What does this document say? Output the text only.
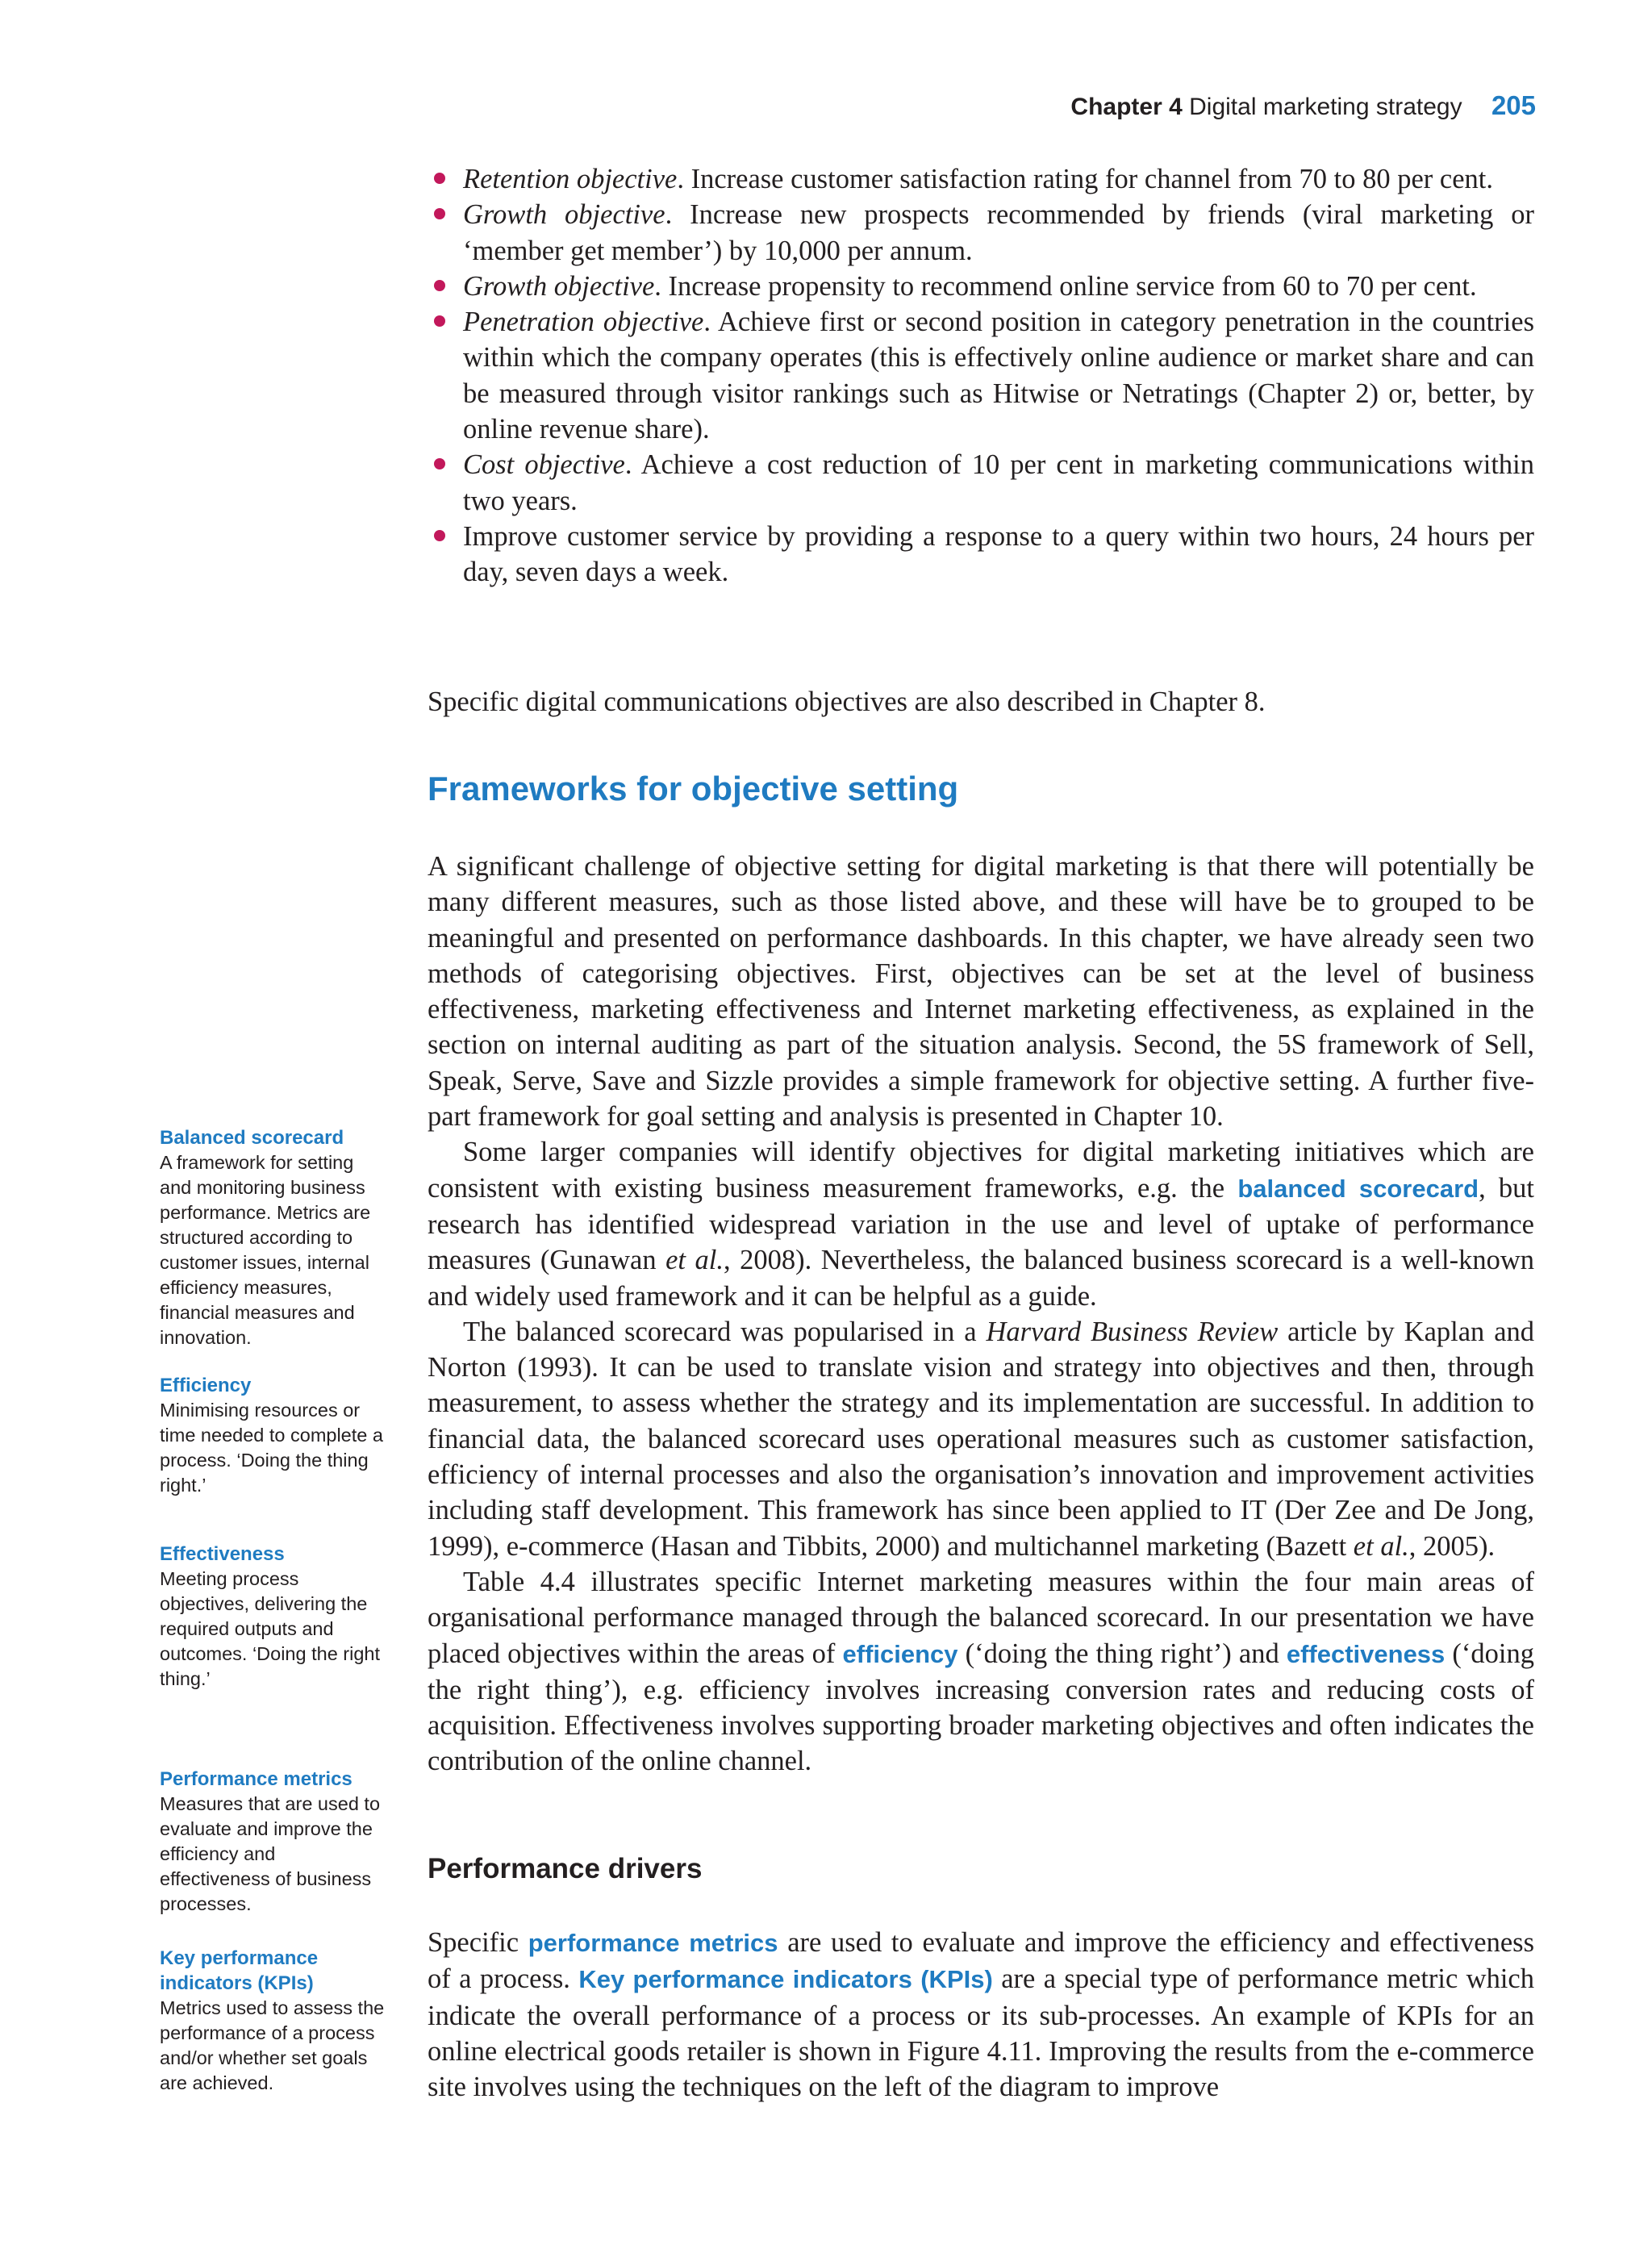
Chapter 4 Digital marketing strategy 205
Retention objective. Increase customer satisfaction rating for channel from 70 to 80 per cent.
Growth objective. Increase new prospects recommended by friends (viral marketing or ‘member get member’) by 10,000 per annum.
Growth objective. Increase propensity to recommend online service from 60 to 70 per cent.
Penetration objective. Achieve first or second position in category penetration in the countries within which the company operates (this is effectively online audience or market share and can be measured through visitor rankings such as Hitwise or Netratings (Chapter 2) or, better, by online revenue share).
Cost objective. Achieve a cost reduction of 10 per cent in marketing communications within two years.
Improve customer service by providing a response to a query within two hours, 24 hours per day, seven days a week.

Specific digital communications objectives are also described in Chapter 8.

Frameworks for objective setting

A significant challenge of objective setting for digital marketing is that there will potentially be many different measures, such as those listed above, and these will have be to grouped to be meaningful and presented on performance dashboards. In this chapter, we have already seen two methods of categorising objectives. First, objectives can be set at the level of business effectiveness, marketing effectiveness and Internet marketing effectiveness, as explained in the section on internal auditing as part of the situation analysis. Second, the 5S framework of Sell, Speak, Serve, Save and Sizzle provides a simple framework for objective setting. A further five-part framework for goal setting and analysis is presented in Chapter 10.

Some larger companies will identify objectives for digital marketing initiatives which are consistent with existing business measurement frameworks, e.g. the balanced scorecard, but research has identified widespread variation in the use and level of uptake of performance measures (Gunawan et al., 2008). Nevertheless, the balanced business scorecard is a well-known and widely used framework and it can be helpful as a guide.

The balanced scorecard was popularised in a Harvard Business Review article by Kaplan and Norton (1993). It can be used to translate vision and strategy into objectives and then, through measurement, to assess whether the strategy and its implementation are successful. In addition to financial data, the balanced scorecard uses operational measures such as customer satisfaction, efficiency of internal processes and also the organisation’s innovation and improvement activities including staff development. This framework has since been applied to IT (Der Zee and De Jong, 1999), e-commerce (Hasan and Tibbits, 2000) and multichannel marketing (Bazett et al., 2005).

Table 4.4 illustrates specific Internet marketing measures within the four main areas of organisational performance managed through the balanced scorecard. In our presentation we have placed objectives within the areas of efficiency (‘doing the thing right’) and effectiveness (‘doing the right thing’), e.g. efficiency involves increasing conversion rates and reducing costs of acquisition. Effectiveness involves supporting broader marketing objectives and often indicates the contribution of the online channel.

Performance drivers

Specific performance metrics are used to evaluate and improve the efficiency and effectiveness of a process. Key performance indicators (KPIs) are a special type of performance metric which indicate the overall performance of a process or its sub-processes. An example of KPIs for an online electrical goods retailer is shown in Figure 4.11. Improving the results from the e-commerce site involves using the techniques on the left of the diagram to improve

Balanced scorecard
A framework for setting and monitoring business performance. Metrics are structured according to customer issues, internal efficiency measures, financial measures and innovation.
Efficiency
Minimising resources or time needed to complete a process. ‘Doing the thing right.’
Effectiveness
Meeting process objectives, delivering the required outputs and outcomes. ‘Doing the right thing.’
Performance metrics
Measures that are used to evaluate and improve the efficiency and effectiveness of business processes.
Key performance indicators (KPIs)
Metrics used to assess the performance of a process and/or whether set goals are achieved.
